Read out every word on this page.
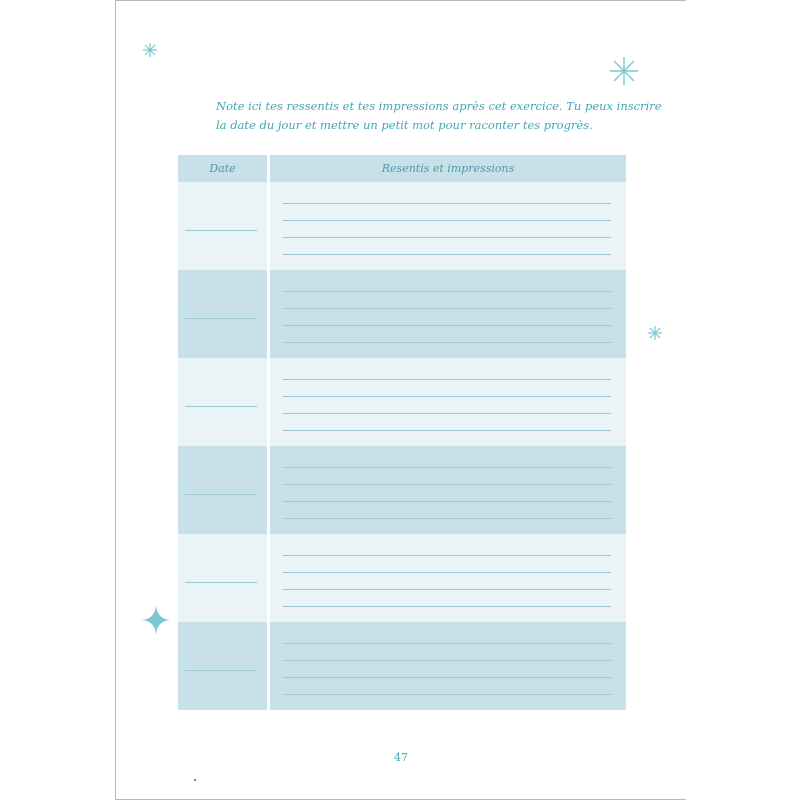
Note ici tes ressentis et tes impressions après cet exercice. Tu peux inscrire
la date du jour et mettre un petit mot pour raconter tes progrès.

Date	Resentis et impressions
47
